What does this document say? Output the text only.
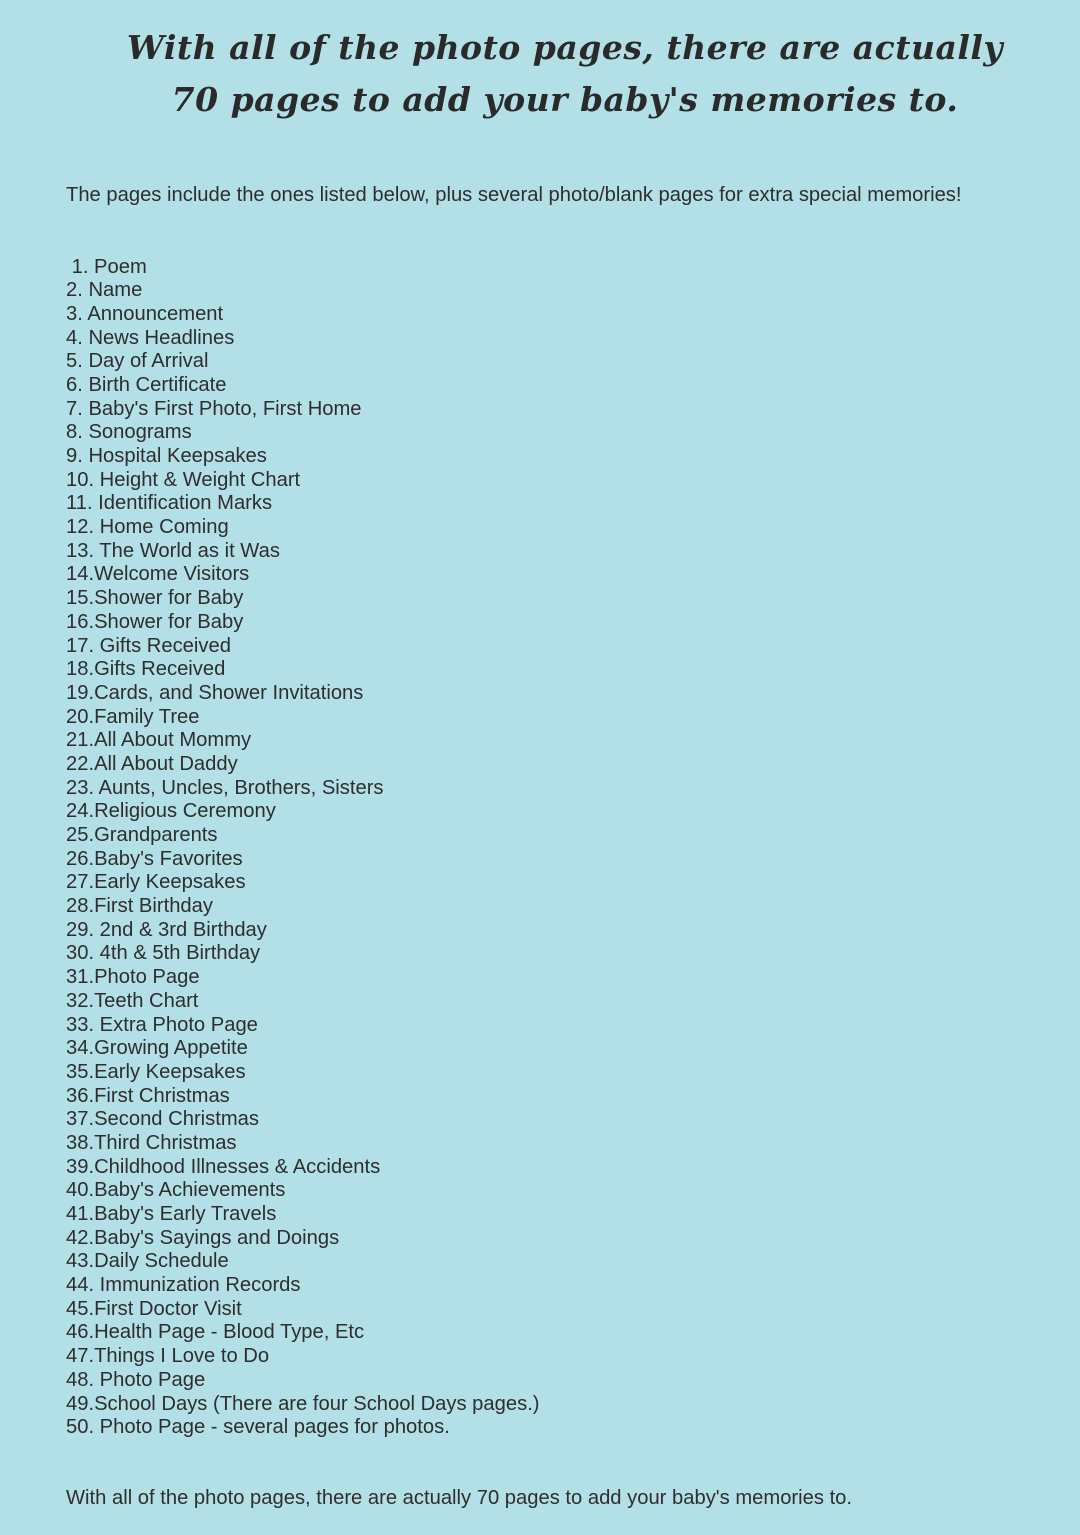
With all of the photo pages, there are actually
70 pages to add your baby's memories to.

The pages include the ones listed below, plus several photo/blank pages for extra special memories!

1. Poem
2. Name
3. Announcement
4. News Headlines
5. Day of Arrival
6. Birth Certificate
7. Baby's First Photo, First Home
8. Sonograms
9. Hospital Keepsakes
10. Height & Weight Chart
11. Identification Marks
12. Home Coming
13. The World as it Was
14.Welcome Visitors
15.Shower for Baby
16.Shower for Baby
17. Gifts Received
18.Gifts Received
19.Cards, and Shower Invitations
20.Family Tree
21.All About Mommy
22.All About Daddy
23. Aunts, Uncles, Brothers, Sisters
24.Religious Ceremony
25.Grandparents
26.Baby's Favorites
27.Early Keepsakes
28.First Birthday
29. 2nd & 3rd Birthday
30. 4th & 5th Birthday
31.Photo Page
32.Teeth Chart
33. Extra Photo Page
34.Growing Appetite
35.Early Keepsakes
36.First Christmas
37.Second Christmas
38.Third Christmas
39.Childhood Illnesses & Accidents
40.Baby's Achievements
41.Baby's Early Travels
42.Baby's Sayings and Doings
43.Daily Schedule
44. Immunization Records
45.First Doctor Visit
46.Health Page - Blood Type, Etc
47.Things I Love to Do
48. Photo Page
49.School Days (There are four School Days pages.)
50. Photo Page - several pages for photos.

With all of the photo pages, there are actually 70 pages to add your baby's memories to.
